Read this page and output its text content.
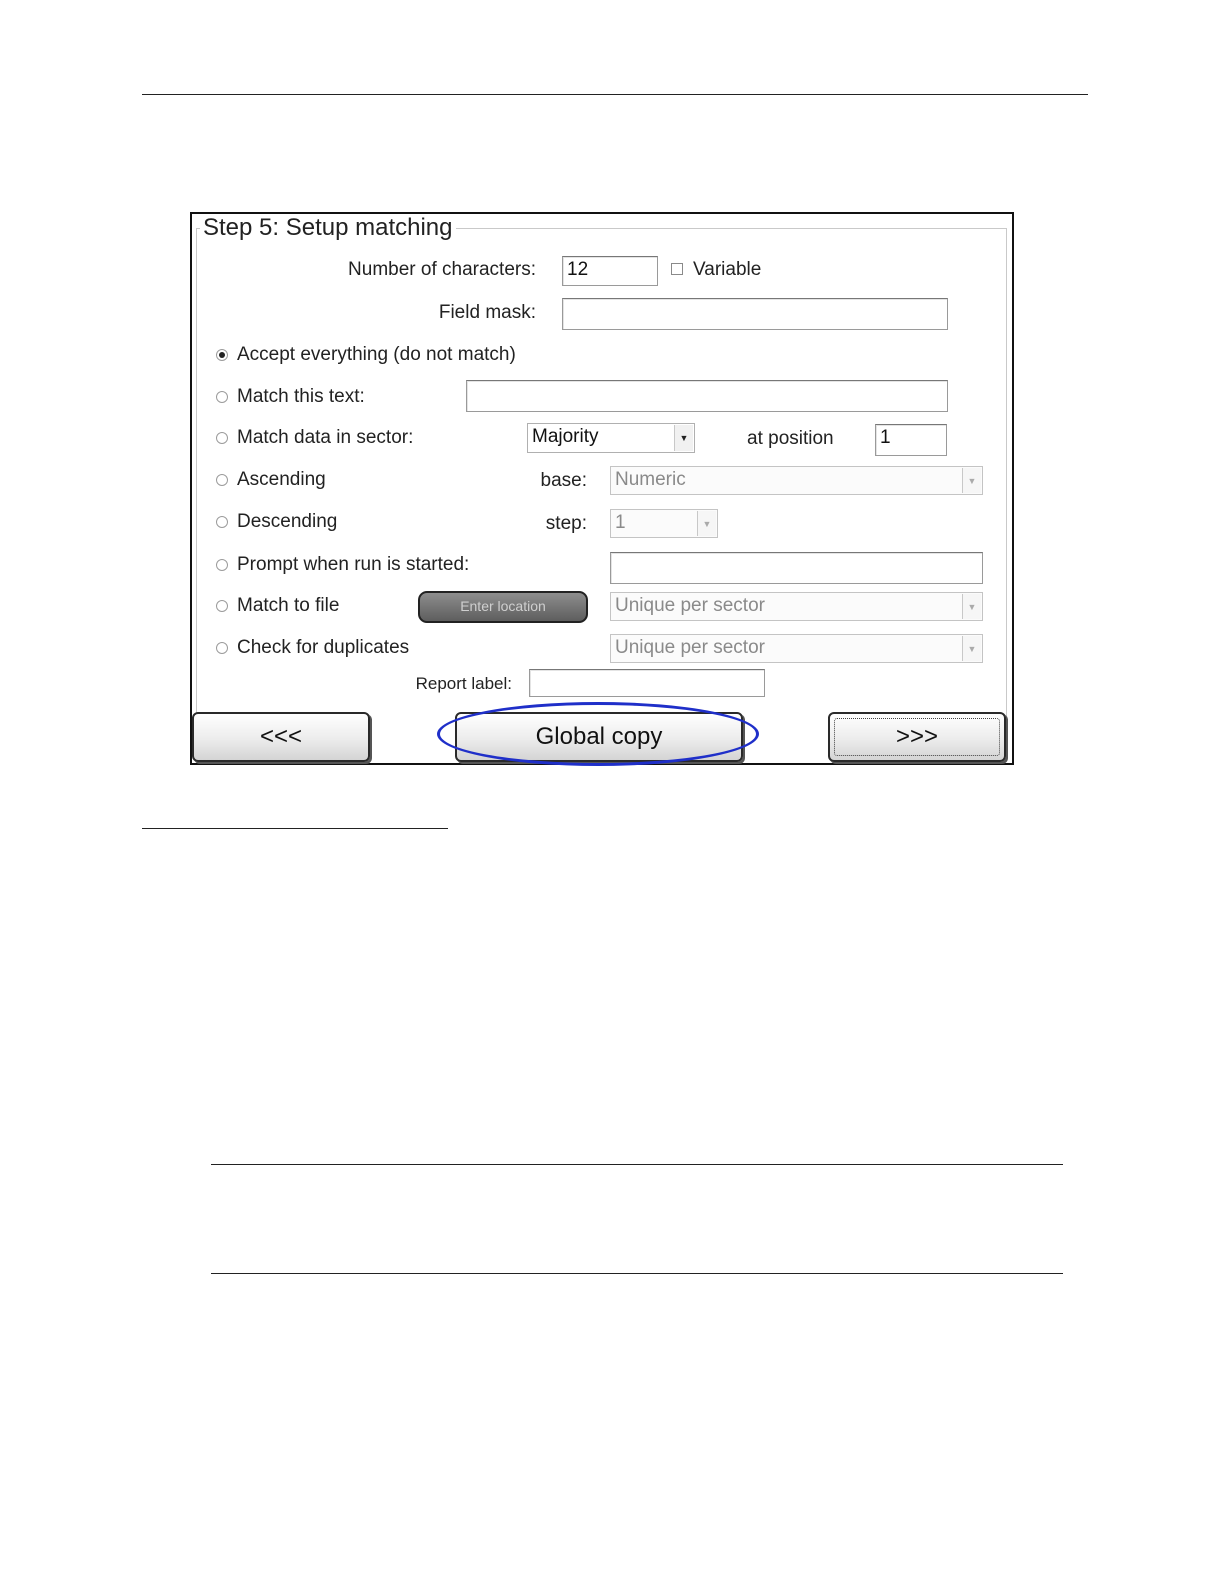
Step 5: Setup matching
Number of characters: 12	Variable
Field mask:
Accept everything (do not match)
Match this text:
Match data in sector:	Majority	▼	at position 1
Ascending	base: Numeric	▼
Descending	step: 1	▼
Prompt when run is started:
Match to file	Enter location	Unique per sector	▼
Check for duplicates	Unique per sector	▼
Report label:
<<<	Global copy	>>>
